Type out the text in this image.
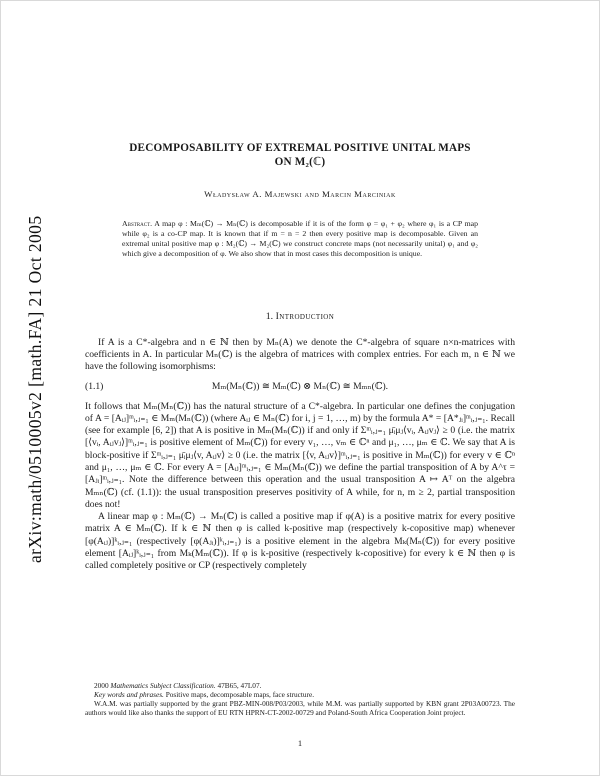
arXiv:math/0510005v2 [math.FA] 21 Oct 2005
DECOMPOSABILITY OF EXTREMAL POSITIVE UNITAL MAPS
ON M₂(ℂ)
Władysław A. Majewski and Marcin Marciniak
Abstract. A map φ : Mₘ(ℂ) → Mₙ(ℂ) is decomposable if it is of the form φ = φ₁ + φ₂ where φ₁ is a CP map while φ₂ is a co-CP map. It is known that if m = n = 2 then every positive map is decomposable. Given an extremal unital positive map φ : M₂(ℂ) → M₂(ℂ) we construct concrete maps (not necessarily unital) φ₁ and φ₂ which give a decomposition of φ. We also show that in most cases this decomposition is unique.
1. Introduction

If A is a C*-algebra and n ∈ ℕ then by Mₙ(A) we denote the C*-algebra of square n×n-matrices with coefficients in A. In particular Mₙ(ℂ) is the algebra of matrices with complex entries. For each m, n ∈ ℕ we have the following isomorphisms:

(1.1)	Mₘ(Mₙ(ℂ)) ≅ Mₘ(ℂ) ⊗ Mₙ(ℂ) ≅ Mₘₙ(ℂ).

It follows that Mₘ(Mₙ(ℂ)) has the natural structure of a C*-algebra. In particular one defines the conjugation of A = [Aᵢⱼ]ᵐᵢ,ⱼ₌₁ ∈ Mₘ(Mₙ(ℂ)) (where Aᵢⱼ ∈ Mₙ(ℂ) for i, j = 1, …, m) by the formula A* = [A*ⱼᵢ]ᵐᵢ,ⱼ₌₁. Recall (see for example [6, 2]) that A is positive in Mₘ(Mₙ(ℂ)) if and only if Σᵐᵢ,ⱼ₌₁ μ̄ᵢμⱼ⟨vᵢ, Aᵢⱼvⱼ⟩ ≥ 0 (i.e. the matrix [⟨vᵢ, Aᵢⱼvⱼ⟩]ᵐᵢ,ⱼ₌₁ is positive element of Mₘ(ℂ)) for every v₁, …, vₘ ∈ ℂⁿ and μ₁, …, μₘ ∈ ℂ. We say that A is block-positive if Σᵐᵢ,ⱼ₌₁ μ̄ᵢμⱼ⟨v, Aᵢⱼv⟩ ≥ 0 (i.e. the matrix [⟨v, Aᵢⱼv⟩]ᵐᵢ,ⱼ₌₁ is positive in Mₘ(ℂ)) for every v ∈ ℂⁿ and μ₁, …, μₘ ∈ ℂ. For every A = [Aᵢⱼ]ᵐᵢ,ⱼ₌₁ ∈ Mₘ(Mₙ(ℂ)) we define the partial transposition of A by A^τ = [Aⱼᵢ]ᵐᵢ,ⱼ₌₁. Note the difference between this operation and the usual transposition A ↦ Aᵀ on the algebra Mₘₙ(ℂ) (cf. (1.1)): the usual transposition preserves positivity of A while, for n, m ≥ 2, partial transposition does not!

A linear map φ : Mₘ(ℂ) → Mₙ(ℂ) is called a positive map if φ(A) is a positive matrix for every positive matrix A ∈ Mₘ(ℂ). If k ∈ ℕ then φ is called k-positive map (respectively k-copositive map) whenever [φ(Aᵢⱼ)]ᵏᵢ,ⱼ₌₁ (respectively [φ(Aⱼᵢ)]ᵏᵢ,ⱼ₌₁) is a positive element in the algebra Mₖ(Mₙ(ℂ)) for every positive element [Aᵢⱼ]ᵏᵢ,ⱼ₌₁ from Mₖ(Mₘ(ℂ)). If φ is k-positive (respectively k-copositive) for every k ∈ ℕ then φ is called completely positive or CP (respectively completely

2000 Mathematics Subject Classification. 47B65, 47L07.

Key words and phrases. Positive maps, decomposable maps, face structure.

W.A.M. was partially supported by the grant PBZ-MIN-008/P03/2003, while M.M. was partially supported by KBN grant 2P03A00723. The authors would like also thanks the support of EU RTN HPRN-CT-2002-00729 and Poland-South Africa Cooperation Joint project.

1
